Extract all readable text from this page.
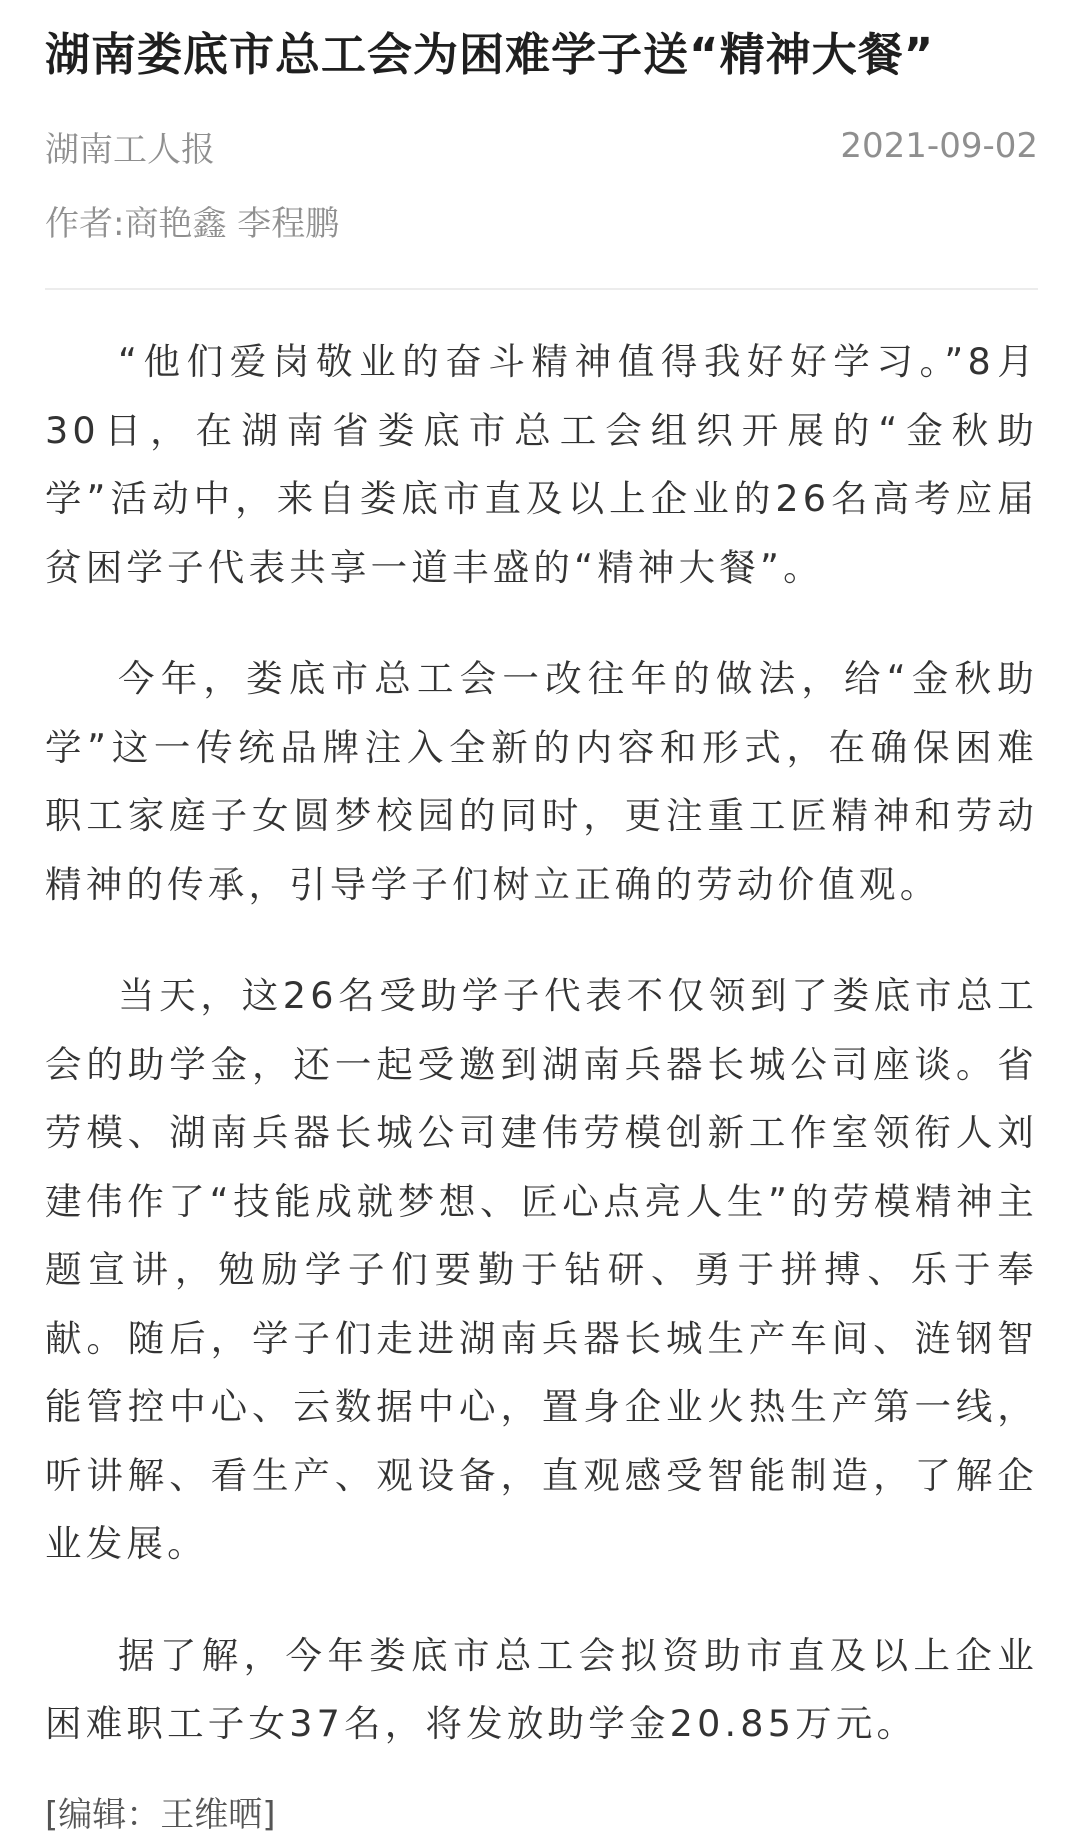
湖南娄底市总工会为困难学子送“精神大餐”
湖南工人报	2021-09-02
作者:商艳鑫 李程鹏

“他们爱岗敬业的奋斗精神值得我好好学习。”8月30日，在湖南省娄底市总工会组织开展的“金秋助学”活动中，来自娄底市直及以上企业的26名高考应届贫困学子代表共享一道丰盛的“精神大餐”。

今年，娄底市总工会一改往年的做法，给“金秋助学”这一传统品牌注入全新的内容和形式，在确保困难职工家庭子女圆梦校园的同时，更注重工匠精神和劳动精神的传承，引导学子们树立正确的劳动价值观。

当天，这26名受助学子代表不仅领到了娄底市总工会的助学金，还一起受邀到湖南兵器长城公司座谈。省劳模、湖南兵器长城公司建伟劳模创新工作室领衔人刘建伟作了“技能成就梦想、匠心点亮人生”的劳模精神主题宣讲，勉励学子们要勤于钻研、勇于拼搏、乐于奉献。随后，学子们走进湖南兵器长城生产车间、涟钢智能管控中心、云数据中心，置身企业火热生产第一线，听讲解、看生产、观设备，直观感受智能制造，了解企业发展。

据了解，今年娄底市总工会拟资助市直及以上企业困难职工子女37名，将发放助学金20.85万元。

[编辑：王维晒]
